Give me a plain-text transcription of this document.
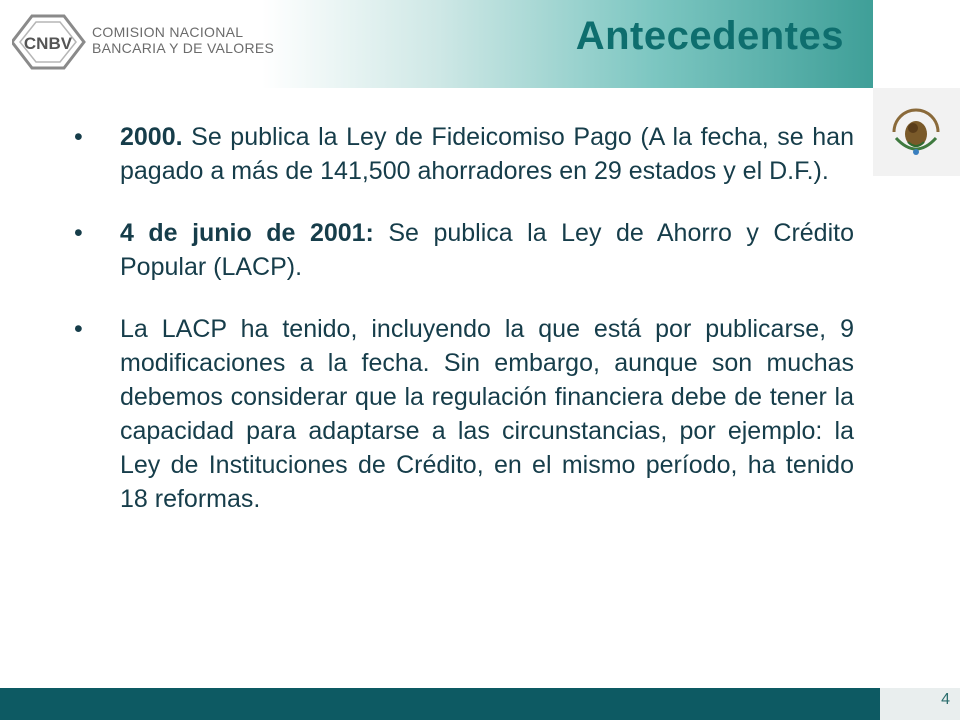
CNBV
COMISION NACIONAL
BANCARIA Y DE VALORES	Antecedentes
• 2000. Se publica la Ley de Fideicomiso Pago (A la fecha, se han pagado a más de 141,500 ahorradores en 29 estados y el D.F.).
• 4 de junio de 2001: Se publica la Ley de Ahorro y Crédito Popular (LACP).
• La LACP ha tenido, incluyendo la que está por publicarse, 9 modificaciones a la fecha. Sin embargo, aunque son muchas debemos considerar que la regulación financiera debe de tener la capacidad para adaptarse a las circunstancias, por ejemplo: la Ley de Instituciones de Crédito, en el mismo período, ha tenido 18 reformas.
4
